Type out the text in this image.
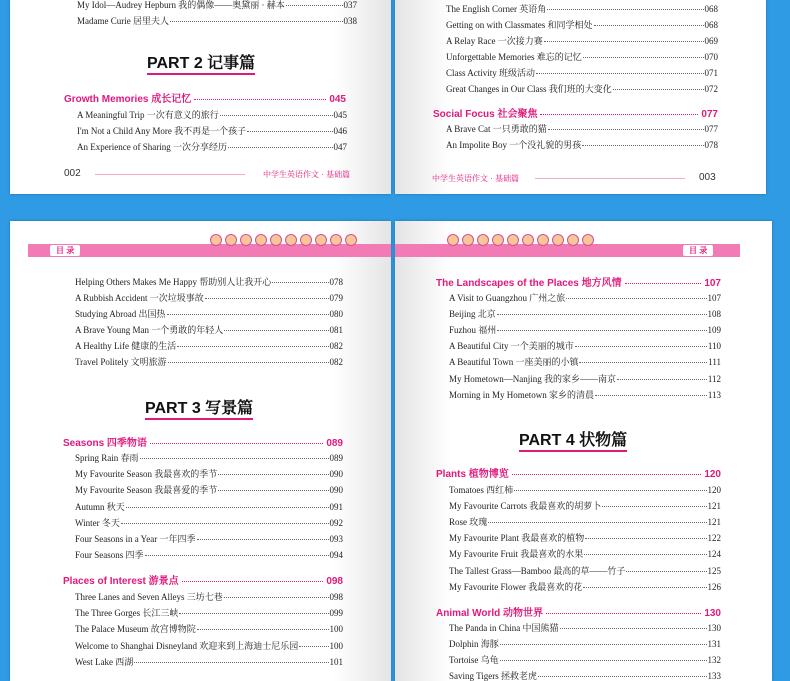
My Idol—Audrey Hepburn 我的偶像——奥黛丽 · 赫本	037
Madame Curie 居里夫人	038
PART 2 记事篇
Growth Memories 成长记忆	045
A Meaningful Trip 一次有意义的旅行	045
I'm Not a Child Any More 我不再是一个孩子	046
An Experience of Sharing 一次分享经历	047
002	中学生英语作文 · 基础篇
The English Corner 英语角	068
Getting on with Classmates 和同学相处	068
A Relay Race 一次接力赛	069
Unforgettable Memories 难忘的记忆	070
Class Activity 班级活动	071
Great Changes in Our Class 我们班的大变化	072
Social Focus 社会聚焦	077
A Brave Cat 一只勇敢的猫	077
An Impolite Boy 一个没礼貌的男孩	078
中学生英语作文 · 基础篇	003
目 录
Helping Others Makes Me Happy 帮助别人让我开心	078
A Rubbish Accident 一次垃圾事故	079
Studying Abroad 出国热	080
A Brave Young Man 一个勇敢的年轻人	081
A Healthy Life 健康的生活	082
Travel Politely 文明旅游	082
PART 3 写景篇
Seasons 四季物语	089
Spring Rain 春雨	089
My Favourite Season 我最喜欢的季节	090
My Favourite Season 我最喜爱的季节	090
Autumn 秋天	091
Winter 冬天	092
Four Seasons in a Year 一年四季	093
Four Seasons 四季	094
Places of Interest 游景点	098
Three Lanes and Seven Alleys 三坊七巷	098
The Three Gorges 长江三峡	099
The Palace Museum 故宫博物院	100
Welcome to Shanghai Disneyland 欢迎来到上海迪士尼乐园	100
West Lake 西湖	101
目 录
The Landscapes of the Places 地方风情	107
A Visit to Guangzhou 广州之旅	107
Beijing 北京	108
Fuzhou 福州	109
A Beautiful City 一个美丽的城市	110
A Beautiful Town 一座美丽的小镇	111
My Hometown—Nanjing 我的家乡——南京	112
Morning in My Hometown 家乡的清晨	113
PART 4 状物篇
Plants 植物博览	120
Tomatoes 西红柿	120
My Favourite Carrots 我最喜欢的胡萝卜	121
Rose 玫瑰	121
My Favourite Plant 我最喜欢的植物	122
My Favourite Fruit 我最喜欢的水果	124
The Tallest Grass—Bamboo 最高的草——竹子	125
My Favourite Flower 我最喜欢的花	126
Animal World 动物世界	130
The Panda in China 中国熊猫	130
Dolphin 海豚	131
Tortoise 乌龟	132
Saving Tigers 拯救老虎	133
